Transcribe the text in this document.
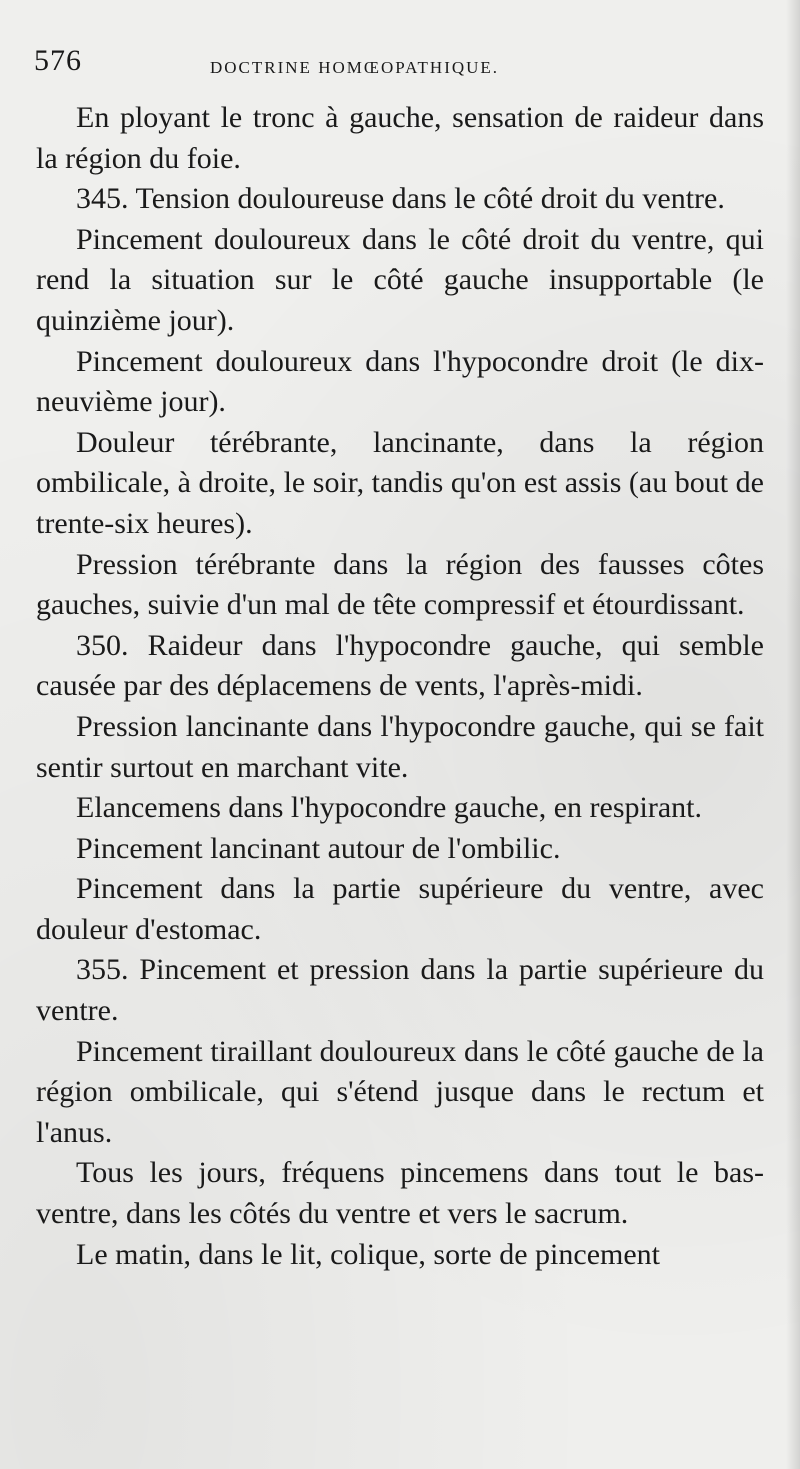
576	DOCTRINE HOMŒOPATHIQUE.

En ployant le tronc à gauche, sensation de raideur dans la région du foie.

345. Tension douloureuse dans le côté droit du ventre.

Pincement douloureux dans le côté droit du ventre, qui rend la situation sur le côté gauche insupportable (le quinzième jour).

Pincement douloureux dans l'hypocondre droit (le dix-neuvième jour).

Douleur térébrante, lancinante, dans la région ombilicale, à droite, le soir, tandis qu'on est assis (au bout de trente-six heures).

Pression térébrante dans la région des fausses côtes gauches, suivie d'un mal de tête compressif et étourdissant.

350. Raideur dans l'hypocondre gauche, qui semble causée par des déplacemens de vents, l'après-midi.

Pression lancinante dans l'hypocondre gauche, qui se fait sentir surtout en marchant vite.

Elancemens dans l'hypocondre gauche, en respirant.

Pincement lancinant autour de l'ombilic.

Pincement dans la partie supérieure du ventre, avec douleur d'estomac.

355. Pincement et pression dans la partie supérieure du ventre.

Pincement tiraillant douloureux dans le côté gauche de la région ombilicale, qui s'étend jusque dans le rectum et l'anus.

Tous les jours, fréquens pincemens dans tout le bas-ventre, dans les côtés du ventre et vers le sacrum.

Le matin, dans le lit, colique, sorte de pincement
